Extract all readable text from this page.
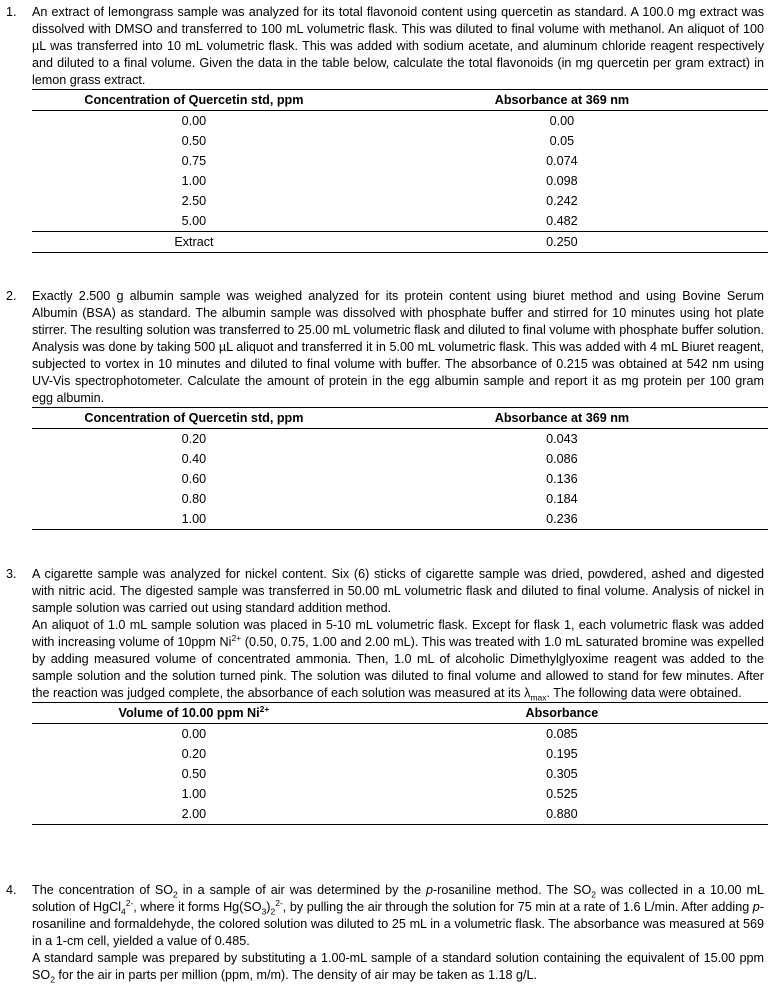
1.	An extract of lemongrass sample was analyzed for its total flavonoid content using quercetin as standard. A 100.0 mg extract was dissolved with DMSO and transferred to 100 mL volumetric flask. This was diluted to final volume with methanol. An aliquot of 100 µL was transferred into 10 mL volumetric flask. This was added with sodium acetate, and aluminum chloride reagent respectively and diluted to a final volume. Given the data in the table below, calculate the total flavonoids (in mg quercetin per gram extract) in lemon grass extract.
Concentration of Quercetin std, ppm	Absorbance at 369 nm
0.00	0.00
0.50	0.05
0.75	0.074
1.00	0.098
2.50	0.242
5.00	0.482
Extract	0.250
2.	Exactly 2.500 g albumin sample was weighed analyzed for its protein content using biuret method and using Bovine Serum Albumin (BSA) as standard. The albumin sample was dissolved with phosphate buffer and stirred for 10 minutes using hot plate stirrer. The resulting solution was transferred to 25.00 mL volumetric flask and diluted to final volume with phosphate buffer solution. Analysis was done by taking 500 µL aliquot and transferred it in 5.00 mL volumetric flask. This was added with 4 mL Biuret reagent, subjected to vortex in 10 minutes and diluted to final volume with buffer. The absorbance of 0.215 was obtained at 542 nm using UV-Vis spectrophotometer. Calculate the amount of protein in the egg albumin sample and report it as mg protein per 100 gram egg albumin.
Concentration of Quercetin std, ppm	Absorbance at 369 nm
0.20	0.043
0.40	0.086
0.60	0.136
0.80	0.184
1.00	0.236
3.	A cigarette sample was analyzed for nickel content. Six (6) sticks of cigarette sample was dried, powdered, ashed and digested with nitric acid. The digested sample was transferred in 50.00 mL volumetric flask and diluted to final volume. Analysis of nickel in sample solution was carried out using standard addition method.

An aliquot of 1.0 mL sample solution was placed in 5-10 mL volumetric flask. Except for flask 1, each volumetric flask was added with increasing volume of 10ppm $Ni^{2+}$ (0.50, 0.75, 1.00 and 2.00 mL). This was treated with 1.0 mL saturated bromine was expelled by adding measured volume of concentrated ammonia. Then, 1.0 mL of alcoholic Dimethylglyoxime reagent was added to the sample solution and the solution turned pink. The solution was diluted to final volume and allowed to stand for few minutes. After the reaction was judged complete, the absorbance of each solution was measured at its $\lambda_{max}$. The following data were obtained.

Volume of 10.00 ppm $Ni^{2+}$	Absorbance
0.00	0.085
0.20	0.195
0.50	0.305
1.00	0.525
2.00	0.880
4.	The concentration of $SO_2$ in a sample of air was determined by the p-rosaniline method. The $SO_2$ was collected in a 10.00 mL solution of HgCl$_4^{2-}$, where it forms $Hg(SO_3)_2^{2-}$, by pulling the air through the solution for 75 min at a rate of 1.6 L/min. After adding p-rosaniline and formaldehyde, the colored solution was diluted to 25 mL in a volumetric flask. The absorbance was measured at 569 in a 1-cm cell, yielded a value of 0.485.

A standard sample was prepared by substituting a 1.00-mL sample of a standard solution containing the equivalent of 15.00 ppm $SO_2$ for the air in parts per million (ppm, m/m). The density of air may be taken as 1.18 g/L.
